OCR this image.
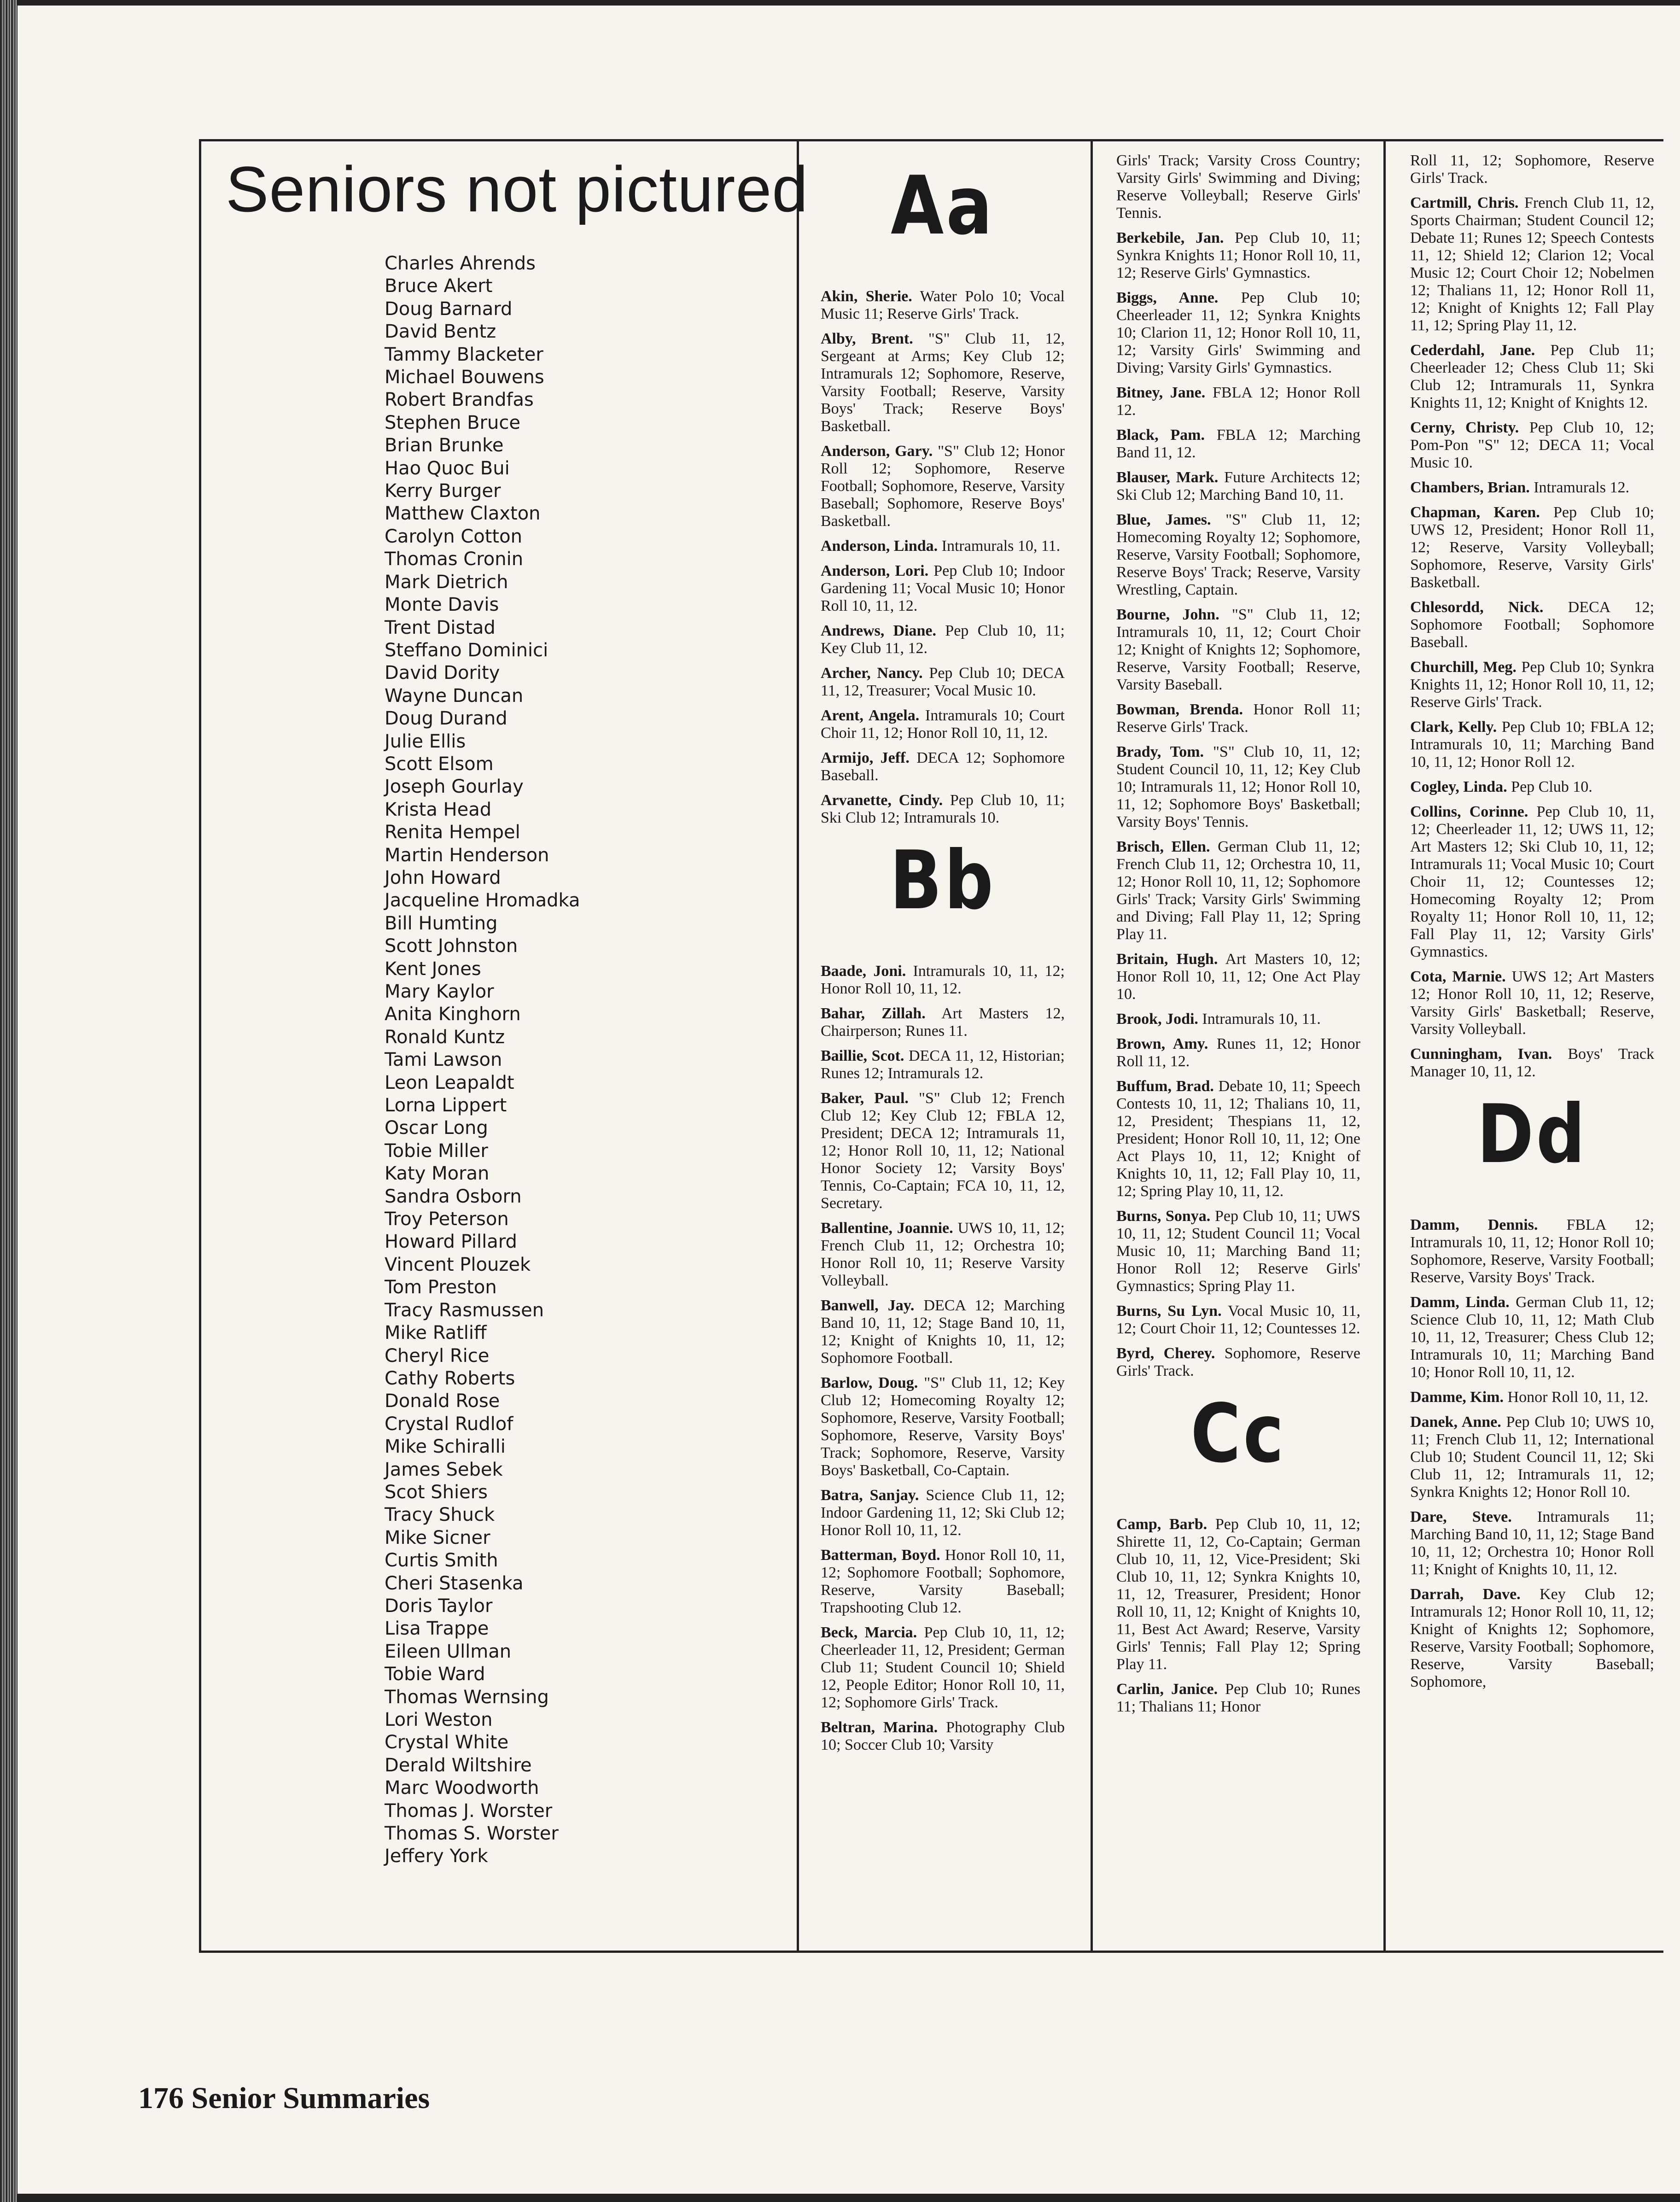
Seniors not pictured
Charles Ahrends
Bruce Akert
Doug Barnard
David Bentz
Tammy Blacketer
Michael Bouwens
Robert Brandfas
Stephen Bruce
Brian Brunke
Hao Quoc Bui
Kerry Burger
Matthew Claxton
Carolyn Cotton
Thomas Cronin
Mark Dietrich
Monte Davis
Trent Distad
Steffano Dominici
David Dority
Wayne Duncan
Doug Durand
Julie Ellis
Scott Elsom
Joseph Gourlay
Krista Head
Renita Hempel
Martin Henderson
John Howard
Jacqueline Hromadka
Bill Humting
Scott Johnston
Kent Jones
Mary Kaylor
Anita Kinghorn
Ronald Kuntz
Tami Lawson
Leon Leapaldt
Lorna Lippert
Oscar Long
Tobie Miller
Katy Moran
Sandra Osborn
Troy Peterson
Howard Pillard
Vincent Plouzek
Tom Preston
Tracy Rasmussen
Mike Ratliff
Cheryl Rice
Cathy Roberts
Donald Rose
Crystal Rudlof
Mike Schiralli
James Sebek
Scot Shiers
Tracy Shuck
Mike Sicner
Curtis Smith
Cheri Stasenka
Doris Taylor
Lisa Trappe
Eileen Ullman
Tobie Ward
Thomas Wernsing
Lori Weston
Crystal White
Derald Wiltshire
Marc Woodworth
Thomas J. Worster
Thomas S. Worster
Jeffery York
Aa
Akin, Sherie. Water Polo 10; Vocal Music 11; Reserve Girls' Track.
Alby, Brent. "S" Club 11, 12, Sergeant at Arms; Key Club 12; Intramurals 12; Sophomore, Reserve, Varsity Football; Reserve, Varsity Boys' Track; Reserve Boys' Basketball.
Anderson, Gary. "S" Club 12; Honor Roll 12; Sophomore, Reserve Football; Sophomore, Reserve, Varsity Baseball; Sophomore, Reserve Boys' Basketball.
Anderson, Linda. Intramurals 10, 11.
Anderson, Lori. Pep Club 10; Indoor Gardening 11; Vocal Music 10; Honor Roll 10, 11, 12.
Andrews, Diane. Pep Club 10, 11; Key Club 11, 12.
Archer, Nancy. Pep Club 10; DECA 11, 12, Treasurer; Vocal Music 10.
Arent, Angela. Intramurals 10; Court Choir 11, 12; Honor Roll 10, 11, 12.
Armijo, Jeff. DECA 12; Sophomore Baseball.
Arvanette, Cindy. Pep Club 10, 11; Ski Club 12; Intramurals 10.
Bb
Baade, Joni. Intramurals 10, 11, 12; Honor Roll 10, 11, 12.
Bahar, Zillah. Art Masters 12, Chairperson; Runes 11.
Baillie, Scot. DECA 11, 12, Historian; Runes 12; Intramurals 12.
Baker, Paul. "S" Club 12; French Club 12; Key Club 12; FBLA 12, President; DECA 12; Intramurals 11, 12; Honor Roll 10, 11, 12; National Honor Society 12; Varsity Boys' Tennis, Co-Captain; FCA 10, 11, 12, Secretary.
Ballentine, Joannie. UWS 10, 11, 12; French Club 11, 12; Orchestra 10; Honor Roll 10, 11; Reserve Varsity Volleyball.
Banwell, Jay. DECA 12; Marching Band 10, 11, 12; Stage Band 10, 11, 12; Knight of Knights 10, 11, 12; Sophomore Football.
Barlow, Doug. "S" Club 11, 12; Key Club 12; Homecoming Royalty 12; Sophomore, Reserve, Varsity Football; Sophomore, Reserve, Varsity Boys' Track; Sophomore, Reserve, Varsity Boys' Basketball, Co-Captain.
Batra, Sanjay. Science Club 11, 12; Indoor Gardening 11, 12; Ski Club 12; Honor Roll 10, 11, 12.
Batterman, Boyd. Honor Roll 10, 11, 12; Sophomore Football; Sophomore, Reserve, Varsity Baseball; Trapshooting Club 12.
Beck, Marcia. Pep Club 10, 11, 12; Cheerleader 11, 12, President; German Club 11; Student Council 10; Shield 12, People Editor; Honor Roll 10, 11, 12; Sophomore Girls' Track.
Beltran, Marina. Photography Club 10; Soccer Club 10; Varsity
Girls' Track; Varsity Cross Country; Varsity Girls' Swimming and Diving; Reserve Volleyball; Reserve Girls' Tennis.
Berkebile, Jan. Pep Club 10, 11; Synkra Knights 11; Honor Roll 10, 11, 12; Reserve Girls' Gymnastics.
Biggs, Anne. Pep Club 10; Cheerleader 11, 12; Synkra Knights 10; Clarion 11, 12; Honor Roll 10, 11, 12; Varsity Girls' Swimming and Diving; Varsity Girls' Gymnastics.
Bitney, Jane. FBLA 12; Honor Roll 12.
Black, Pam. FBLA 12; Marching Band 11, 12.
Blauser, Mark. Future Architects 12; Ski Club 12; Marching Band 10, 11.
Blue, James. "S" Club 11, 12; Homecoming Royalty 12; Sophomore, Reserve, Varsity Football; Sophomore, Reserve Boys' Track; Reserve, Varsity Wrestling, Captain.
Bourne, John. "S" Club 11, 12; Intramurals 10, 11, 12; Court Choir 12; Knight of Knights 12; Sophomore, Reserve, Varsity Football; Reserve, Varsity Baseball.
Bowman, Brenda. Honor Roll 11; Reserve Girls' Track.
Brady, Tom. "S" Club 10, 11, 12; Student Council 10, 11, 12; Key Club 10; Intramurals 11, 12; Honor Roll 10, 11, 12; Sophomore Boys' Basketball; Varsity Boys' Tennis.
Brisch, Ellen. German Club 11, 12; French Club 11, 12; Orchestra 10, 11, 12; Honor Roll 10, 11, 12; Sophomore Girls' Track; Varsity Girls' Swimming and Diving; Fall Play 11, 12; Spring Play 11.
Britain, Hugh. Art Masters 10, 12; Honor Roll 10, 11, 12; One Act Play 10.
Brook, Jodi. Intramurals 10, 11.
Brown, Amy. Runes 11, 12; Honor Roll 11, 12.
Buffum, Brad. Debate 10, 11; Speech Contests 10, 11, 12; Thalians 10, 11, 12, President; Thespians 11, 12, President; Honor Roll 10, 11, 12; One Act Plays 10, 11, 12; Knight of Knights 10, 11, 12; Fall Play 10, 11, 12; Spring Play 10, 11, 12.
Burns, Sonya. Pep Club 10, 11; UWS 10, 11, 12; Student Council 11; Vocal Music 10, 11; Marching Band 11; Honor Roll 12; Reserve Girls' Gymnastics; Spring Play 11.
Burns, Su Lyn. Vocal Music 10, 11, 12; Court Choir 11, 12; Countesses 12.
Byrd, Cherey. Sophomore, Reserve Girls' Track.
Cc
Camp, Barb. Pep Club 10, 11, 12; Shirette 11, 12, Co-Captain; German Club 10, 11, 12, Vice-President; Ski Club 10, 11, 12; Synkra Knights 10, 11, 12, Treasurer, President; Honor Roll 10, 11, 12; Knight of Knights 10, 11, Best Act Award; Reserve, Varsity Girls' Tennis; Fall Play 12; Spring Play 11.
Carlin, Janice. Pep Club 10; Runes 11; Thalians 11; Honor
Roll 11, 12; Sophomore, Reserve Girls' Track.
Cartmill, Chris. French Club 11, 12, Sports Chairman; Student Council 12; Debate 11; Runes 12; Speech Contests 11, 12; Shield 12; Clarion 12; Vocal Music 12; Court Choir 12; Nobelmen 12; Thalians 11, 12; Honor Roll 11, 12; Knight of Knights 12; Fall Play 11, 12; Spring Play 11, 12.
Cederdahl, Jane. Pep Club 11; Cheerleader 12; Chess Club 11; Ski Club 12; Intramurals 11, Synkra Knights 11, 12; Knight of Knights 12.
Cerny, Christy. Pep Club 10, 12; Pom-Pon "S" 12; DECA 11; Vocal Music 10.
Chambers, Brian. Intramurals 12.
Chapman, Karen. Pep Club 10; UWS 12, President; Honor Roll 11, 12; Reserve, Varsity Volleyball; Sophomore, Reserve, Varsity Girls' Basketball.
Chlesordd, Nick. DECA 12; Sophomore Football; Sophomore Baseball.
Churchill, Meg. Pep Club 10; Synkra Knights 11, 12; Honor Roll 10, 11, 12; Reserve Girls' Track.
Clark, Kelly. Pep Club 10; FBLA 12; Intramurals 10, 11; Marching Band 10, 11, 12; Honor Roll 12.
Cogley, Linda. Pep Club 10.
Collins, Corinne. Pep Club 10, 11, 12; Cheerleader 11, 12; UWS 11, 12; Art Masters 12; Ski Club 10, 11, 12; Intramurals 11; Vocal Music 10; Court Choir 11, 12; Countesses 12; Homecoming Royalty 12; Prom Royalty 11; Honor Roll 10, 11, 12; Fall Play 11, 12; Varsity Girls' Gymnastics.
Cota, Marnie. UWS 12; Art Masters 12; Honor Roll 10, 11, 12; Reserve, Varsity Girls' Basketball; Reserve, Varsity Volleyball.
Cunningham, Ivan. Boys' Track Manager 10, 11, 12.
Dd
Damm, Dennis. FBLA 12; Intramurals 10, 11, 12; Honor Roll 10; Sophomore, Reserve, Varsity Football; Reserve, Varsity Boys' Track.
Damm, Linda. German Club 11, 12; Science Club 10, 11, 12; Math Club 10, 11, 12, Treasurer; Chess Club 12; Intramurals 10, 11; Marching Band 10; Honor Roll 10, 11, 12.
Damme, Kim. Honor Roll 10, 11, 12.
Danek, Anne. Pep Club 10; UWS 10, 11; French Club 11, 12; International Club 10; Student Council 11, 12; Ski Club 11, 12; Intramurals 11, 12; Synkra Knights 12; Honor Roll 10.
Dare, Steve. Intramurals 11; Marching Band 10, 11, 12; Stage Band 10, 11, 12; Orchestra 10; Honor Roll 11; Knight of Knights 10, 11, 12.
Darrah, Dave. Key Club 12; Intramurals 12; Honor Roll 10, 11, 12; Knight of Knights 12; Sophomore, Reserve, Varsity Football; Sophomore, Reserve, Varsity Baseball; Sophomore,
176 Senior Summaries
